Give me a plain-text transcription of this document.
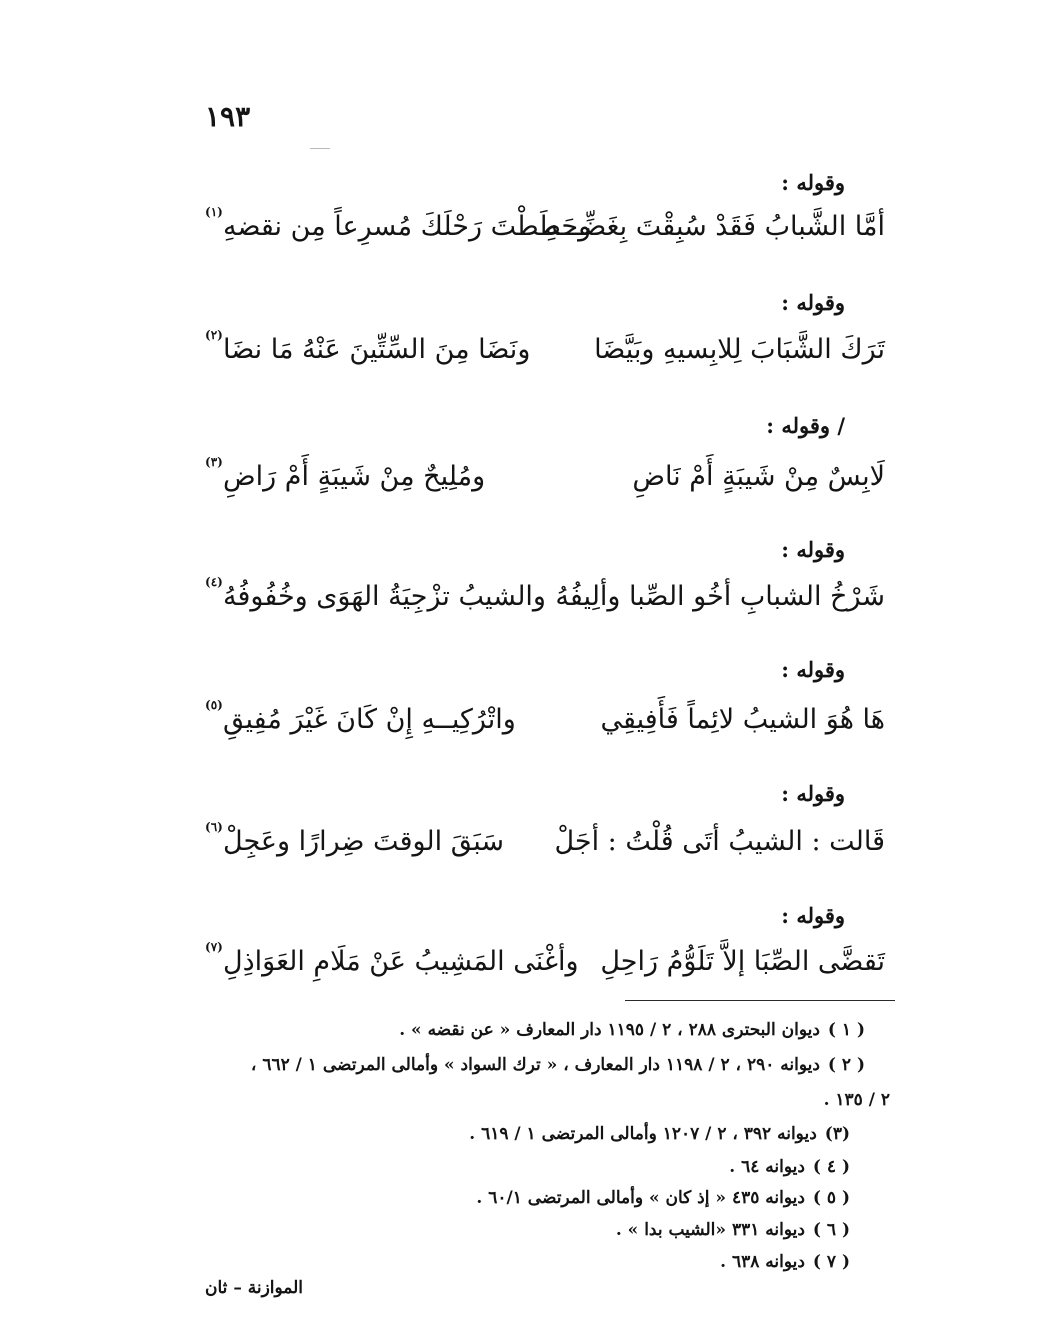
١٩٣
وقوله :
أمَّا الشَّبابُ فَقَدْ سُبِقْتَ بِغَضِّـــهِ
وحَطَطْتَ رَحْلَكَ مُسرِعاً مِن نقضهِ
(١)
وقوله :
تَرَكَ الشَّبَابَ لِلابِسيهِ وبَيَّضَا
ونَضَا مِنَ السِّتِّينَ عَنْهُ مَا نضَا
(٢)
/ وقوله :
لَابِسٌ مِنْ شَيبَةٍ أَمْ نَاضِ
ومُلِيحٌ مِنْ شَيبَةٍ أَمْ رَاضِ
(٣)
وقوله :
شَرْخُ الشبابِ أخُو الصِّبا وألِيفُهُ
والشيبُ تزْجِيَةُ الهَوَى وخُفُوفُهُ
(٤)
وقوله :
هَا هُوَ الشيبُ لائِماً فَأَفِيقِي
واتْرُكِيــهِ إِنْ كَانَ غَيْرَ مُفِيقِ
(٥)
وقوله :
قَالت : الشيبُ أتَى قُلْتُ : أجَلْ
سَبَقَ الوقتَ ضِرارًا وعَجِلْ
(٦)
وقوله :
تَقضَّى الصِّبَا إلاَّ تَلَوُّمُ رَاحِلِ
وأغْنَى المَشِيبُ عَنْ مَلَامِ العَوَاذِلِ
(٧)
( ١ )ديوان البحترى ٢٨٨ ، ٢ / ١١٩٥ دار المعارف « عن نقضه » .
( ٢ )ديوانه ٢٩٠ ، ٢ / ١١٩٨ دار المعارف ، « ترك السواد » وأمالى المرتضى ١ / ٦٦٢ ،
٢ / ١٣٥ .
(٣)ديوانه ٣٩٢ ، ٢ / ١٢٠٧ وأمالى المرتضى ١ / ٦١٩ .
( ٤ )ديوانه ٦٤ .
( ٥ )ديوانه ٤٣٥ « إذ كان » وأمالى المرتضى ٦٠/١ .
( ٦ )ديوانه ٣٣١ «الشيب بدا » .
( ٧ )ديوانه ٦٣٨ .
الموازنة – ثان
